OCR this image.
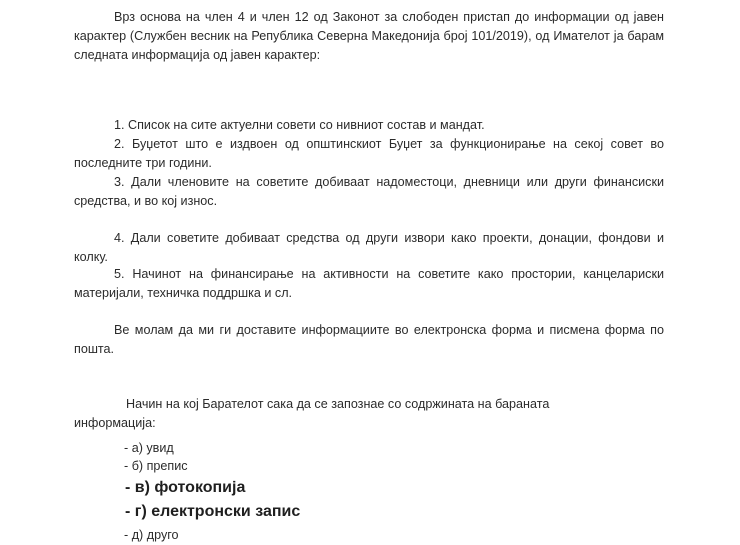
Врз основа на член 4 и член 12 од Законот за слободен пристап до информации од јавен карактер (Службен весник на Република Северна Македонија број 101/2019), од Имателот ја барам следната информација од јавен карактер:

1. Список на сите актуелни совети со нивниот состав и мандат.

2. Буџетот што е издвоен од општинскиот Буџет за функционирање на секој совет во последните три години.

3. Дали членовите на советите добиваат надоместоци, дневници или други финансиски средства, и во кој износ.

4. Дали советите добиваат средства од други извори како проекти, донации, фондови и колку.

5. Начинот на финансирање на активности на советите како простории, канцелариски материјали, техничка поддршка и сл.

Ве молам да ми ги доставите информациите во електронска форма и писмена форма по пошта.

Начин на кој Барателот сака да се запознае со содржината на бараната информација:

- а) увид
- б) препис
- в) фотокопија
- г) електронски запис
- д) друго
